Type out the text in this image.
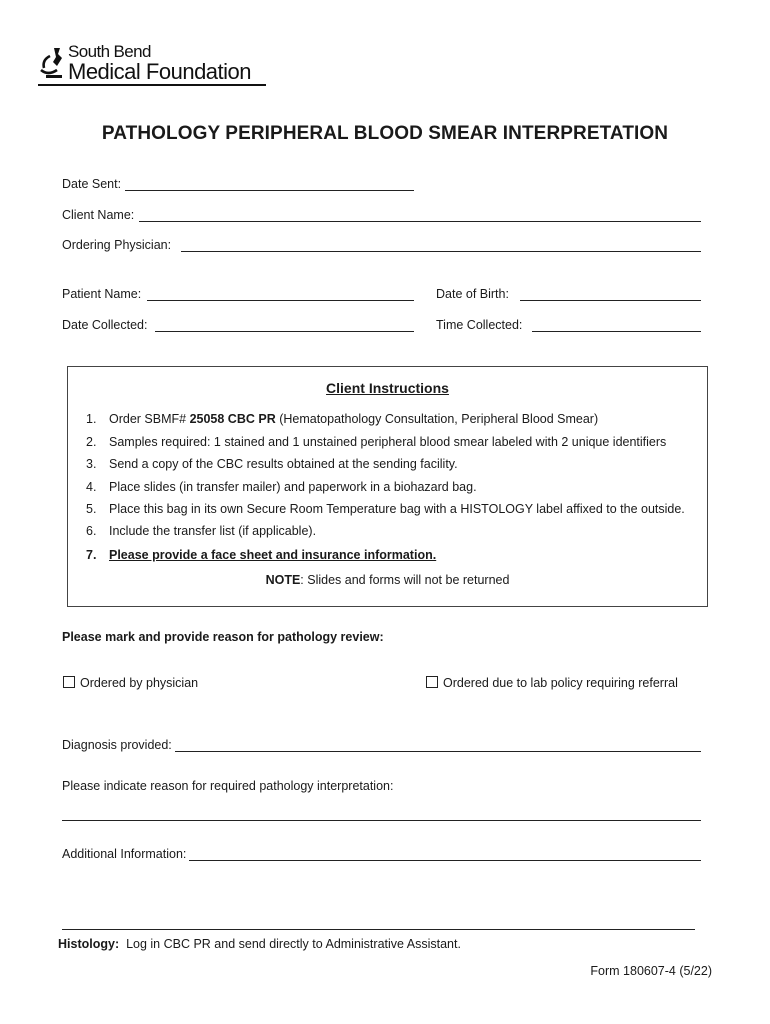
South Bend
Medical Foundation
PATHOLOGY PERIPHERAL BLOOD SMEAR INTERPRETATION
Date Sent:
Client Name:
Ordering Physician:
Patient Name:	Date of Birth:
Date Collected:	Time Collected:
Client Instructions
1.	Order SBMF# 25058 CBC PR (Hematopathology Consultation, Peripheral Blood Smear)
2.	Samples required: 1 stained and 1 unstained peripheral blood smear labeled with 2 unique identifiers
3.	Send a copy of the CBC results obtained at the sending facility.
4.	Place slides (in transfer mailer) and paperwork in a biohazard bag.
5.	Place this bag in its own Secure Room Temperature bag with a HISTOLOGY label affixed to the outside.
6.	Include the transfer list (if applicable).
7.	Please provide a face sheet and insurance information.
NOTE: Slides and forms will not be returned
Please mark and provide reason for pathology review:
Ordered by physician	Ordered due to lab policy requiring referral
Diagnosis provided:
Please indicate reason for required pathology interpretation:
Additional Information:
Histology: Log in CBC PR and send directly to Administrative Assistant.
Form 180607-4 (5/22)
